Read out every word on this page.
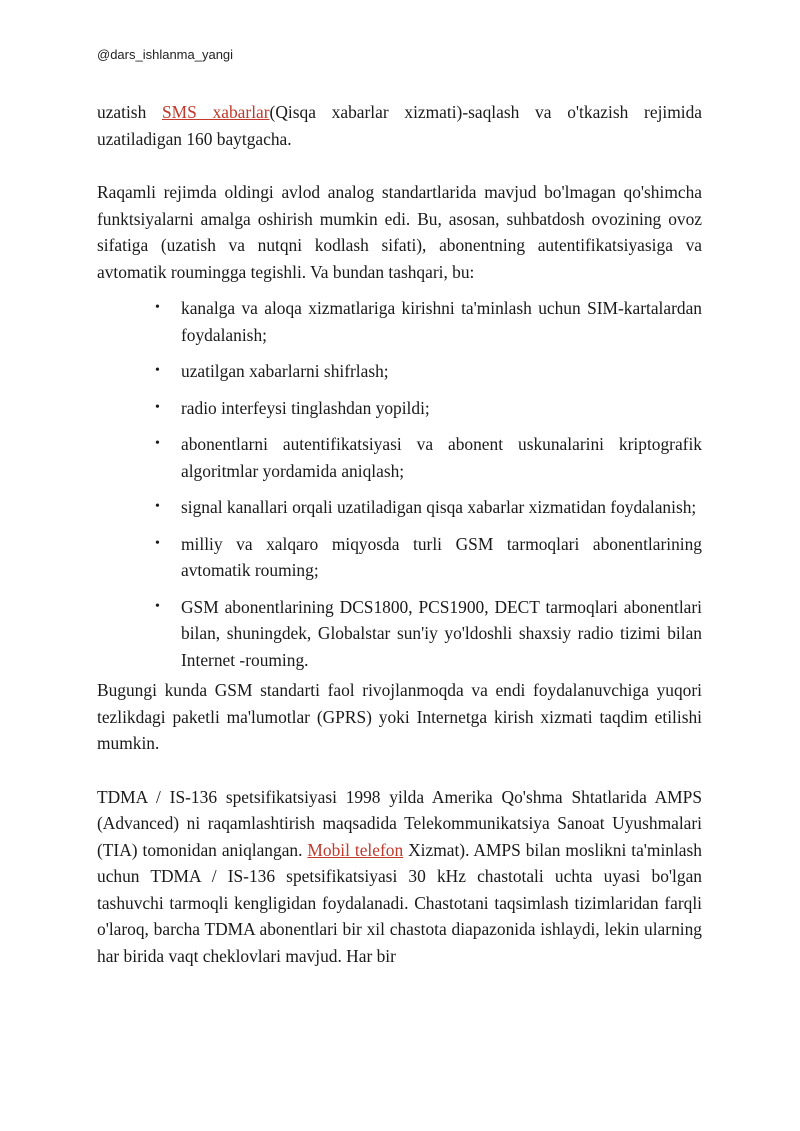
@dars_ishlanma_yangi

uzatish SMS xabarlar(Qisqa xabarlar xizmati)-saqlash va o'tkazish rejimida uzatiladigan 160 baytgacha.

Raqamli rejimda oldingi avlod analog standartlarida mavjud bo'lmagan qo'shimcha funktsiyalarni amalga oshirish mumkin edi. Bu, asosan, suhbatdosh ovozining ovoz sifatiga (uzatish va nutqni kodlash sifati), abonentning autentifikatsiyasiga va avtomatik roumingga tegishli. Va bundan tashqari, bu:

• kanalga va aloqa xizmatlariga kirishni ta'minlash uchun SIM-kartalardan foydalanish;
• uzatilgan xabarlarni shifrlash;
• radio interfeysi tinglashdan yopildi;
• abonentlarni autentifikatsiyasi va abonent uskunalarini kriptografik algoritmlar yordamida aniqlash;
• signal kanallari orqali uzatiladigan qisqa xabarlar xizmatidan foydalanish;
• milliy va xalqaro miqyosda turli GSM tarmoqlari abonentlarining avtomatik rouming;
• GSM abonentlarining DCS1800, PCS1900, DECT tarmoqlari abonentlari bilan, shuningdek, Globalstar sun'iy yo'ldoshli shaxsiy radio tizimi bilan Internet -rouming.

Bugungi kunda GSM standarti faol rivojlanmoqda va endi foydalanuvchiga yuqori tezlikdagi paketli ma'lumotlar (GPRS) yoki Internetga kirish xizmati taqdim etilishi mumkin.

TDMA / IS-136 spetsifikatsiyasi 1998 yilda Amerika Qo'shma Shtatlarida AMPS (Advanced) ni raqamlashtirish maqsadida Telekommunikatsiya Sanoat Uyushmalari (TIA) tomonidan aniqlangan. Mobil telefon Xizmat). AMPS bilan moslikni ta'minlash uchun TDMA / IS-136 spetsifikatsiyasi 30 kHz chastotali uchta uyasi bo'lgan tashuvchi tarmoqli kengligidan foydalanadi. Chastotani taqsimlash tizimlaridan farqli o'laroq, barcha TDMA abonentlari bir xil chastota diapazonida ishlaydi, lekin ularning har birida vaqt cheklovlari mavjud. Har bir
